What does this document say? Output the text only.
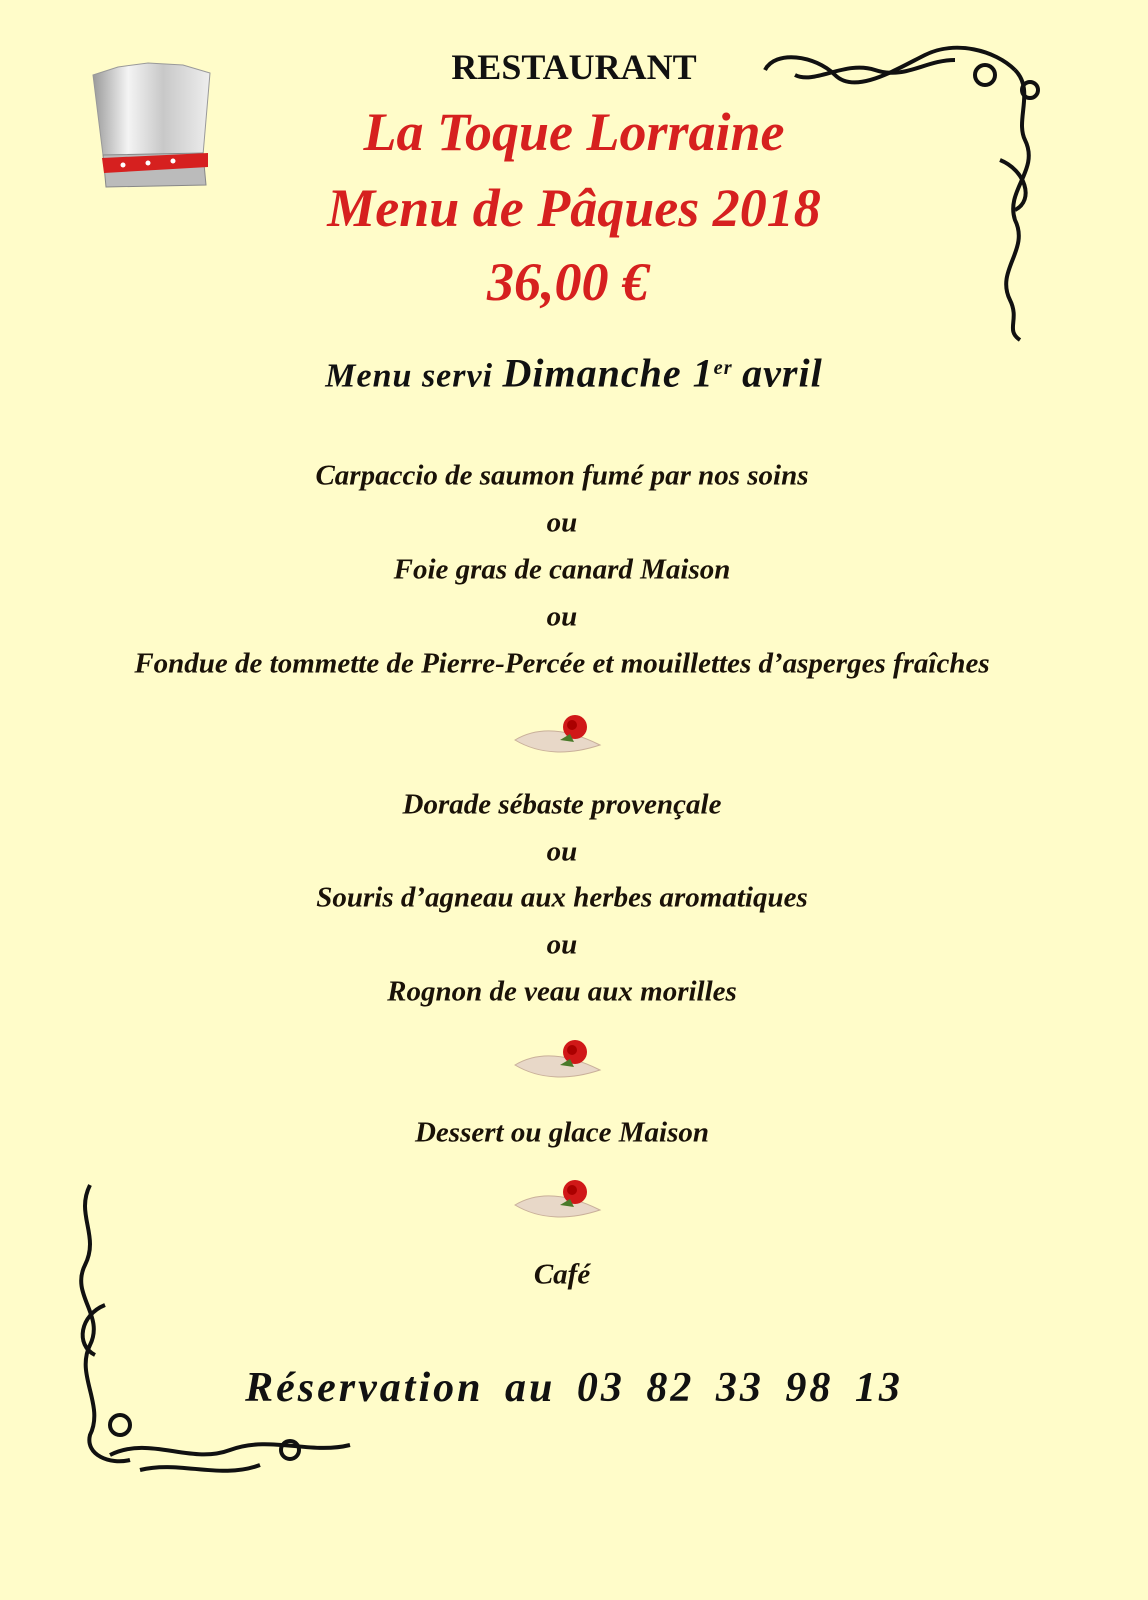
RESTAURANT
La Toque Lorraine
Menu de Pâques 2018
36,00 €
Menu servi Dimanche 1er avril
Carpaccio de saumon fumé par nos soins
ou
Foie gras de canard Maison
ou
Fondue de tommette de Pierre-Percée et mouillettes d’asperges fraîches
Dorade sébaste provençale
ou
Souris d’agneau aux herbes aromatiques
ou
Rognon de veau aux morilles
Dessert ou glace Maison
Café
Réservation au 03 82 33 98 13
